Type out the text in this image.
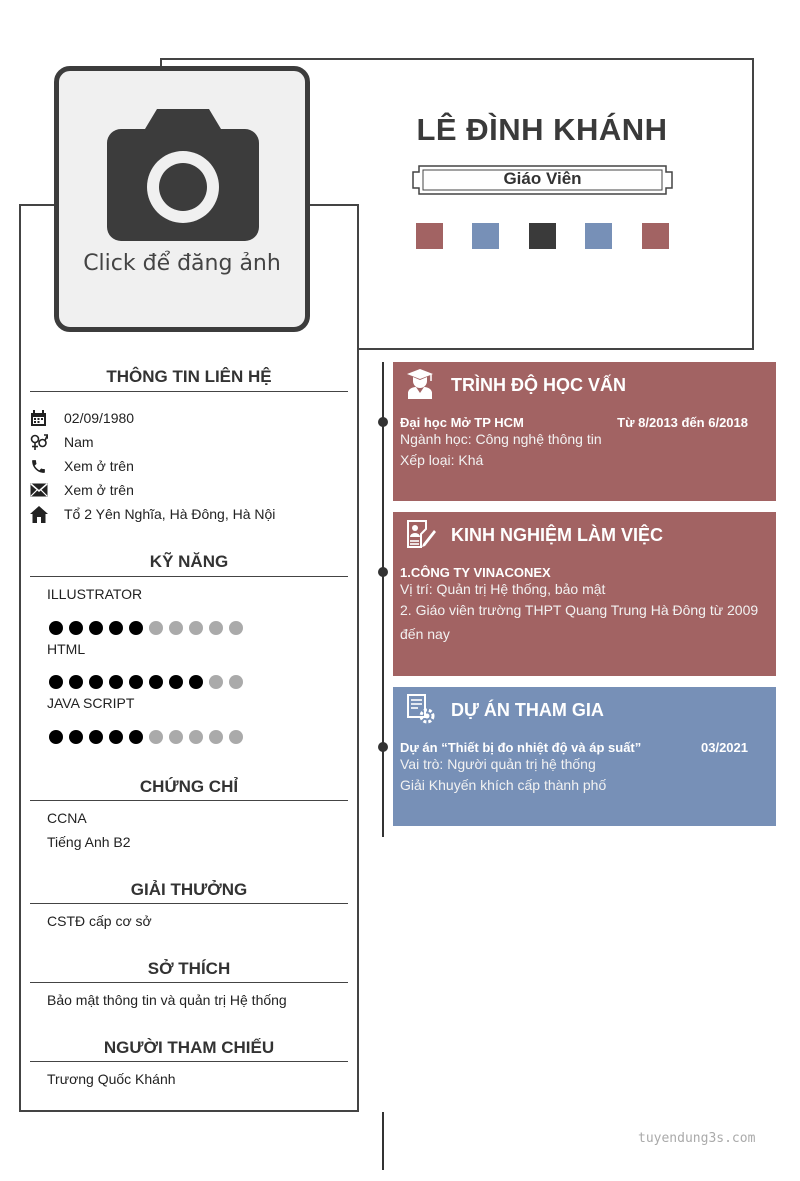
Click để đăng ảnh
LÊ ĐÌNH KHÁNH
Giáo Viên
THÔNG TIN LIÊN HỆ
02/09/1980
Nam
Xem ở trên
Xem ở trên
Tổ 2 Yên Nghĩa, Hà Đông, Hà Nội
KỸ NĂNG
ILLUSTRATOR
HTML
JAVA SCRIPT
CHỨNG CHỈ
CCNA
Tiếng Anh B2
GIẢI THƯỞNG
CSTĐ cấp cơ sở
SỞ THÍCH
Bảo mật thông tin và quản trị Hệ thống
NGƯỜI THAM CHIẾU
Trương Quốc Khánh
TRÌNH ĐỘ HỌC VẤN
Đại học Mở TP HCM	Từ 8/2013 đến 6/2018
Ngành học: Công nghệ thông tin
Xếp loại: Khá
KINH NGHIỆM LÀM VIỆC
1.CÔNG TY VINACONEX
Vị trí: Quản trị Hệ thống, bảo mật
2. Giáo viên trường THPT Quang Trung Hà Đông từ 2009
đến nay
DỰ ÁN THAM GIA
Dự án “Thiết bị đo nhiệt độ và áp suất”	03/2021
Vai trò: Người quản trị hệ thống
Giải Khuyến khích cấp thành phố
tuyendung3s.com
